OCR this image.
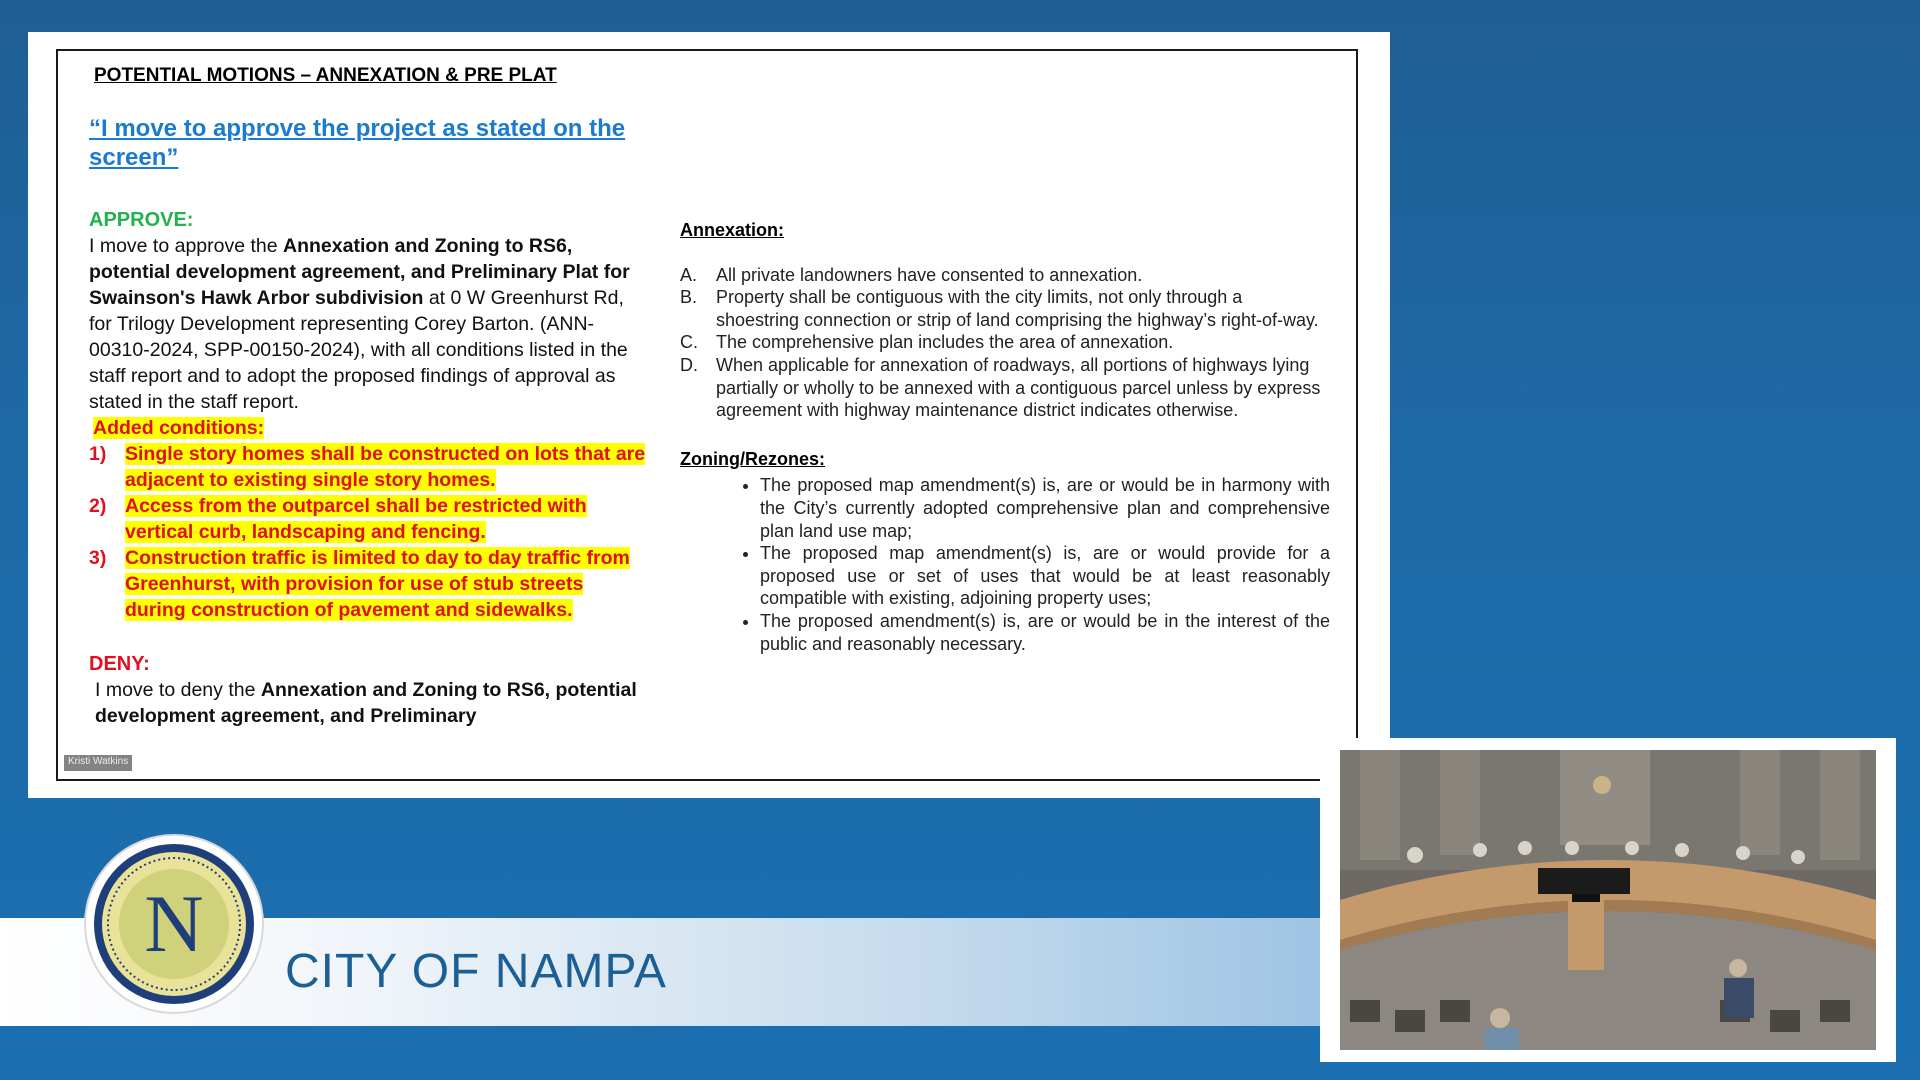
POTENTIAL MOTIONS – ANNEXATION & PRE PLAT
“I move to approve the project as stated on the screen”
APPROVE:
I move to approve the Annexation and Zoning to RS6, potential development agreement, and Preliminary Plat for Swainson's Hawk Arbor subdivision at 0 W Greenhurst Rd, for Trilogy Development representing Corey Barton. (ANN-00310-2024, SPP-00150-2024), with all conditions listed in the staff report and to adopt the proposed findings of approval as stated in the staff report.
Added conditions:
1) Single story homes shall be constructed on lots that are adjacent to existing single story homes.
2) Access from the outparcel shall be restricted with vertical curb, landscaping and fencing.
3) Construction traffic is limited to day to day traffic from Greenhurst, with provision for use of stub streets during construction of pavement and sidewalks.
DENY:
I move to deny the Annexation and Zoning to RS6, potential development agreement, and Preliminary
Annexation:
A.	All private landowners have consented to annexation.
B.	Property shall be contiguous with the city limits, not only through a shoestring connection or strip of land comprising the highway’s right-of-way.
C.	The comprehensive plan includes the area of annexation.
D.	When applicable for annexation of roadways, all portions of highways lying partially or wholly to be annexed with a contiguous parcel unless by express agreement with highway maintenance district indicates otherwise.
Zoning/Rezones:
• The proposed map amendment(s) is, are or would be in harmony with the City’s currently adopted comprehensive plan and comprehensive plan land use map;
• The proposed map amendment(s) is, are or would provide for a proposed use or set of uses that would be at least reasonably compatible with existing, adjoining property uses;
• The proposed amendment(s) is, are or would be in the interest of the public and reasonably necessary.
Kristi Watkins
CITY OF NAMPA
N
